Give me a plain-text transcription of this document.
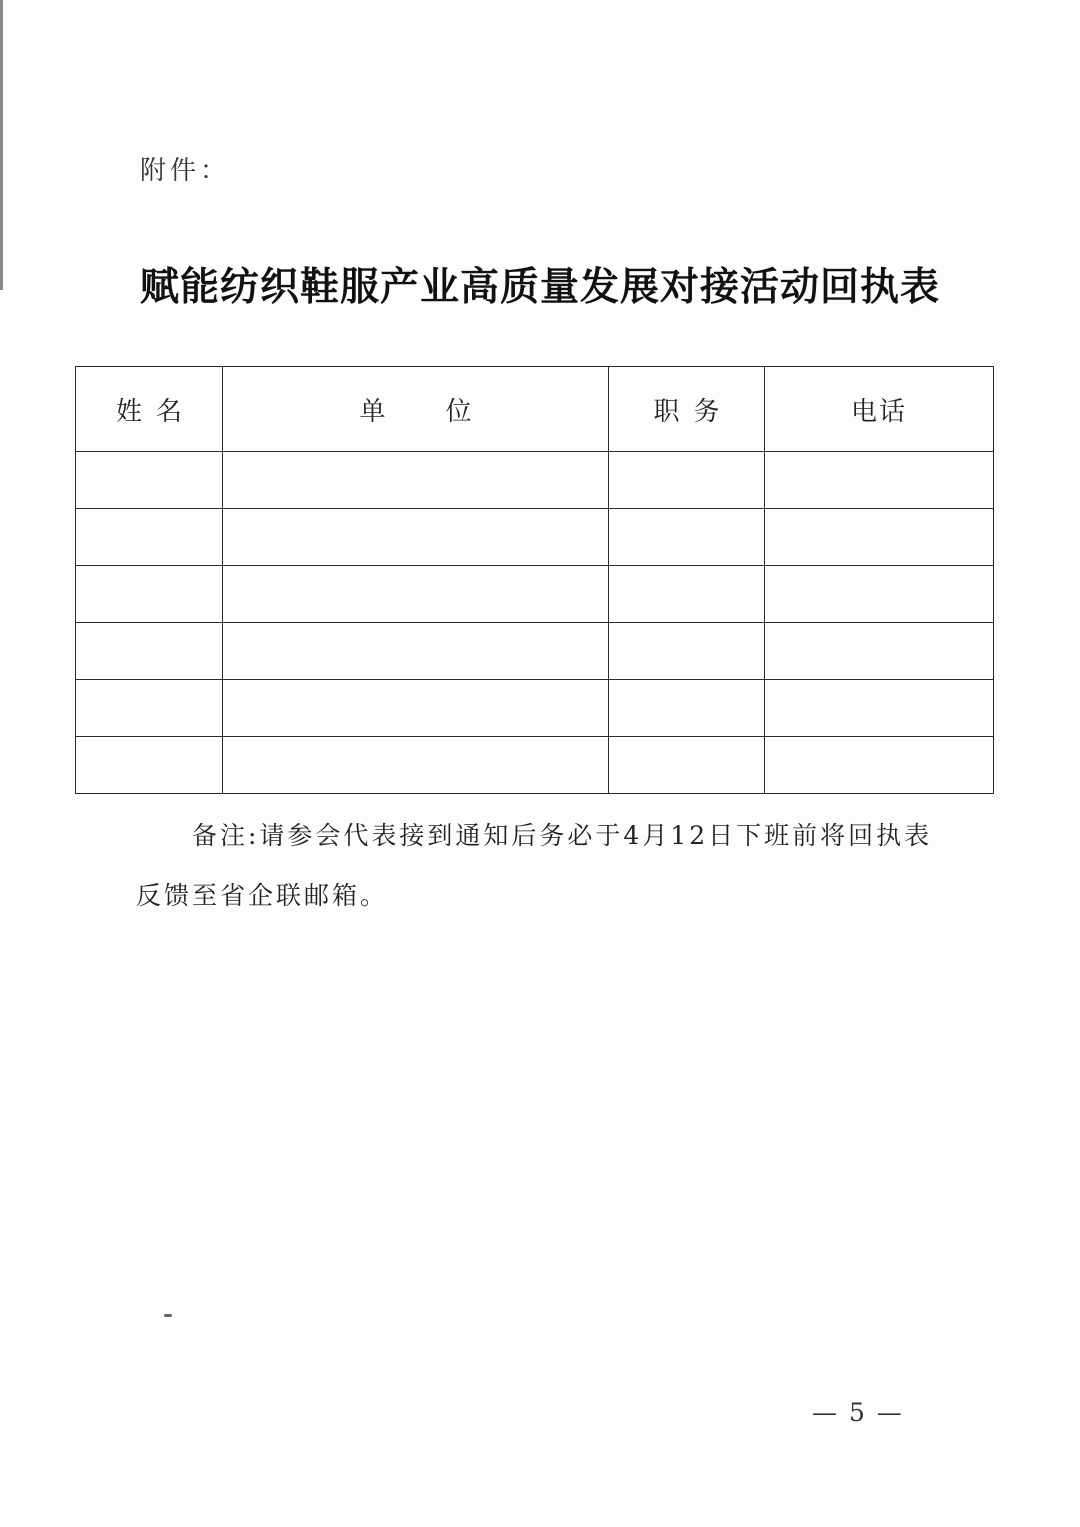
附件：
赋能纺织鞋服产业高质量发展对接活动回执表
姓名	单位	职务	电话

备注:请参会代表接到通知后务必于4月12日下班前将回执表反馈至省企联邮箱。
— 5 —
